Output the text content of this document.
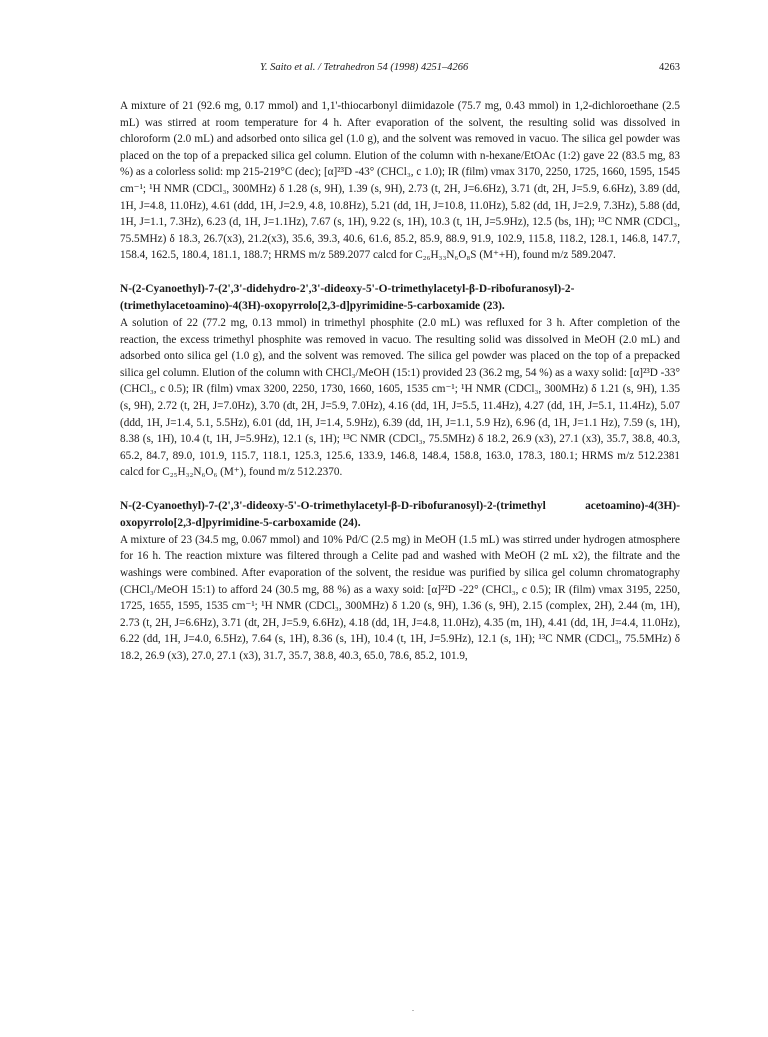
Y. Saito et al. / Tetrahedron 54 (1998) 4251–4266	4263

A mixture of 21 (92.6 mg, 0.17 mmol) and 1,1'-thiocarbonyl diimidazole (75.7 mg, 0.43 mmol) in 1,2-dichloroethane (2.5 mL) was stirred at room temperature for 4 h. After evaporation of the solvent, the resulting solid was dissolved in chloroform (2.0 mL) and adsorbed onto silica gel (1.0 g), and the solvent was removed in vacuo. The silica gel powder was placed on the top of a prepacked silica gel column. Elution of the column with n-hexane/EtOAc (1:2) gave 22 (83.5 mg, 83 %) as a colorless solid: mp 215-219°C (dec); [α]²³D -43° (CHCl₃, c 1.0); IR (film) νmax 3170, 2250, 1725, 1660, 1595, 1545 cm⁻¹; ¹H NMR (CDCl₃, 300MHz) δ 1.28 (s, 9H), 1.39 (s, 9H), 2.73 (t, 2H, J=6.6Hz), 3.71 (dt, 2H, J=5.9, 6.6Hz), 3.89 (dd, 1H, J=4.8, 11.0Hz), 4.61 (ddd, 1H, J=2.9, 4.8, 10.8Hz), 5.21 (dd, 1H, J=10.8, 11.0Hz), 5.82 (dd, 1H, J=2.9, 7.3Hz), 5.88 (dd, 1H, J=1.1, 7.3Hz), 6.23 (d, 1H, J=1.1Hz), 7.67 (s, 1H), 9.22 (s, 1H), 10.3 (t, 1H, J=5.9Hz), 12.5 (bs, 1H); ¹³C NMR (CDCl₃, 75.5MHz) δ 18.3, 26.7(x3), 21.2(x3), 35.6, 39.3, 40.6, 61.6, 85.2, 85.9, 88.9, 91.9, 102.9, 115.8, 118.2, 128.1, 146.8, 147.7, 158.4, 162.5, 180.4, 181.1, 188.7; HRMS m/z 589.2077 calcd for C₂₆H₃₃N₆O₈S (M⁺+H), found m/z 589.2047.

N-(2-Cyanoethyl)-7-(2',3'-didehydro-2',3'-dideoxy-5'-O-trimethylacetyl-β-D-ribofuranosyl)-2-(trimethylacetoamino)-4(3H)-oxopyrrolo[2,3-d]pyrimidine-5-carboxamide (23).

A solution of 22 (77.2 mg, 0.13 mmol) in trimethyl phosphite (2.0 mL) was refluxed for 3 h. After completion of the reaction, the excess trimethyl phosphite was removed in vacuo. The resulting solid was dissolved in MeOH (2.0 mL) and adsorbed onto silica gel (1.0 g), and the solvent was removed. The silica gel powder was placed on the top of a prepacked silica gel column. Elution of the column with CHCl₃/MeOH (15:1) provided 23 (36.2 mg, 54 %) as a waxy solid: [α]²³D -33° (CHCl₃, c 0.5); IR (film) νmax 3200, 2250, 1730, 1660, 1605, 1535 cm⁻¹; ¹H NMR (CDCl₃, 300MHz) δ 1.21 (s, 9H), 1.35 (s, 9H), 2.72 (t, 2H, J=7.0Hz), 3.70 (dt, 2H, J=5.9, 7.0Hz), 4.16 (dd, 1H, J=5.5, 11.4Hz), 4.27 (dd, 1H, J=5.1, 11.4Hz), 5.07 (ddd, 1H, J=1.4, 5.1, 5.5Hz), 6.01 (dd, 1H, J=1.4, 5.9Hz), 6.39 (dd, 1H, J=1.1, 5.9 Hz), 6.96 (d, 1H, J=1.1 Hz), 7.59 (s, 1H), 8.38 (s, 1H), 10.4 (t, 1H, J=5.9Hz), 12.1 (s, 1H); ¹³C NMR (CDCl₃, 75.5MHz) δ 18.2, 26.9 (x3), 27.1 (x3), 35.7, 38.8, 40.3, 65.2, 84.7, 89.0, 101.9, 115.7, 118.1, 125.3, 125.6, 133.9, 146.8, 148.4, 158.8, 163.0, 178.3, 180.1; HRMS m/z 512.2381 calcd for C₂₅H₃₂N₆O₆ (M⁺), found m/z 512.2370.

N-(2-Cyanoethyl)-7-(2',3'-dideoxy-5'-O-trimethylacetyl-β-D-ribofuranosyl)-2-(trimethyl acetoamino)-4(3H)-oxopyrrolo[2,3-d]pyrimidine-5-carboxamide (24).

A mixture of 23 (34.5 mg, 0.067 mmol) and 10% Pd/C (2.5 mg) in MeOH (1.5 mL) was stirred under hydrogen atmosphere for 16 h. The reaction mixture was filtered through a Celite pad and washed with MeOH (2 mL x2), the filtrate and the washings were combined. After evaporation of the solvent, the residue was purified by silica gel column chromatography (CHCl₃/MeOH 15:1) to afford 24 (30.5 mg, 88 %) as a waxy soid: [α]²²D -22° (CHCl₃, c 0.5); IR (film) νmax 3195, 2250, 1725, 1655, 1595, 1535 cm⁻¹; ¹H NMR (CDCl₃, 300MHz) δ 1.20 (s, 9H), 1.36 (s, 9H), 2.15 (complex, 2H), 2.44 (m, 1H), 2.73 (t, 2H, J=6.6Hz), 3.71 (dt, 2H, J=5.9, 6.6Hz), 4.18 (dd, 1H, J=4.8, 11.0Hz), 4.35 (m, 1H), 4.41 (dd, 1H, J=4.4, 11.0Hz), 6.22 (dd, 1H, J=4.0, 6.5Hz), 7.64 (s, 1H), 8.36 (s, 1H), 10.4 (t, 1H, J=5.9Hz), 12.1 (s, 1H); ¹³C NMR (CDCl₃, 75.5MHz) δ 18.2, 26.9 (x3), 27.0, 27.1 (x3), 31.7, 35.7, 38.8, 40.3, 65.0, 78.6, 85.2, 101.9,
